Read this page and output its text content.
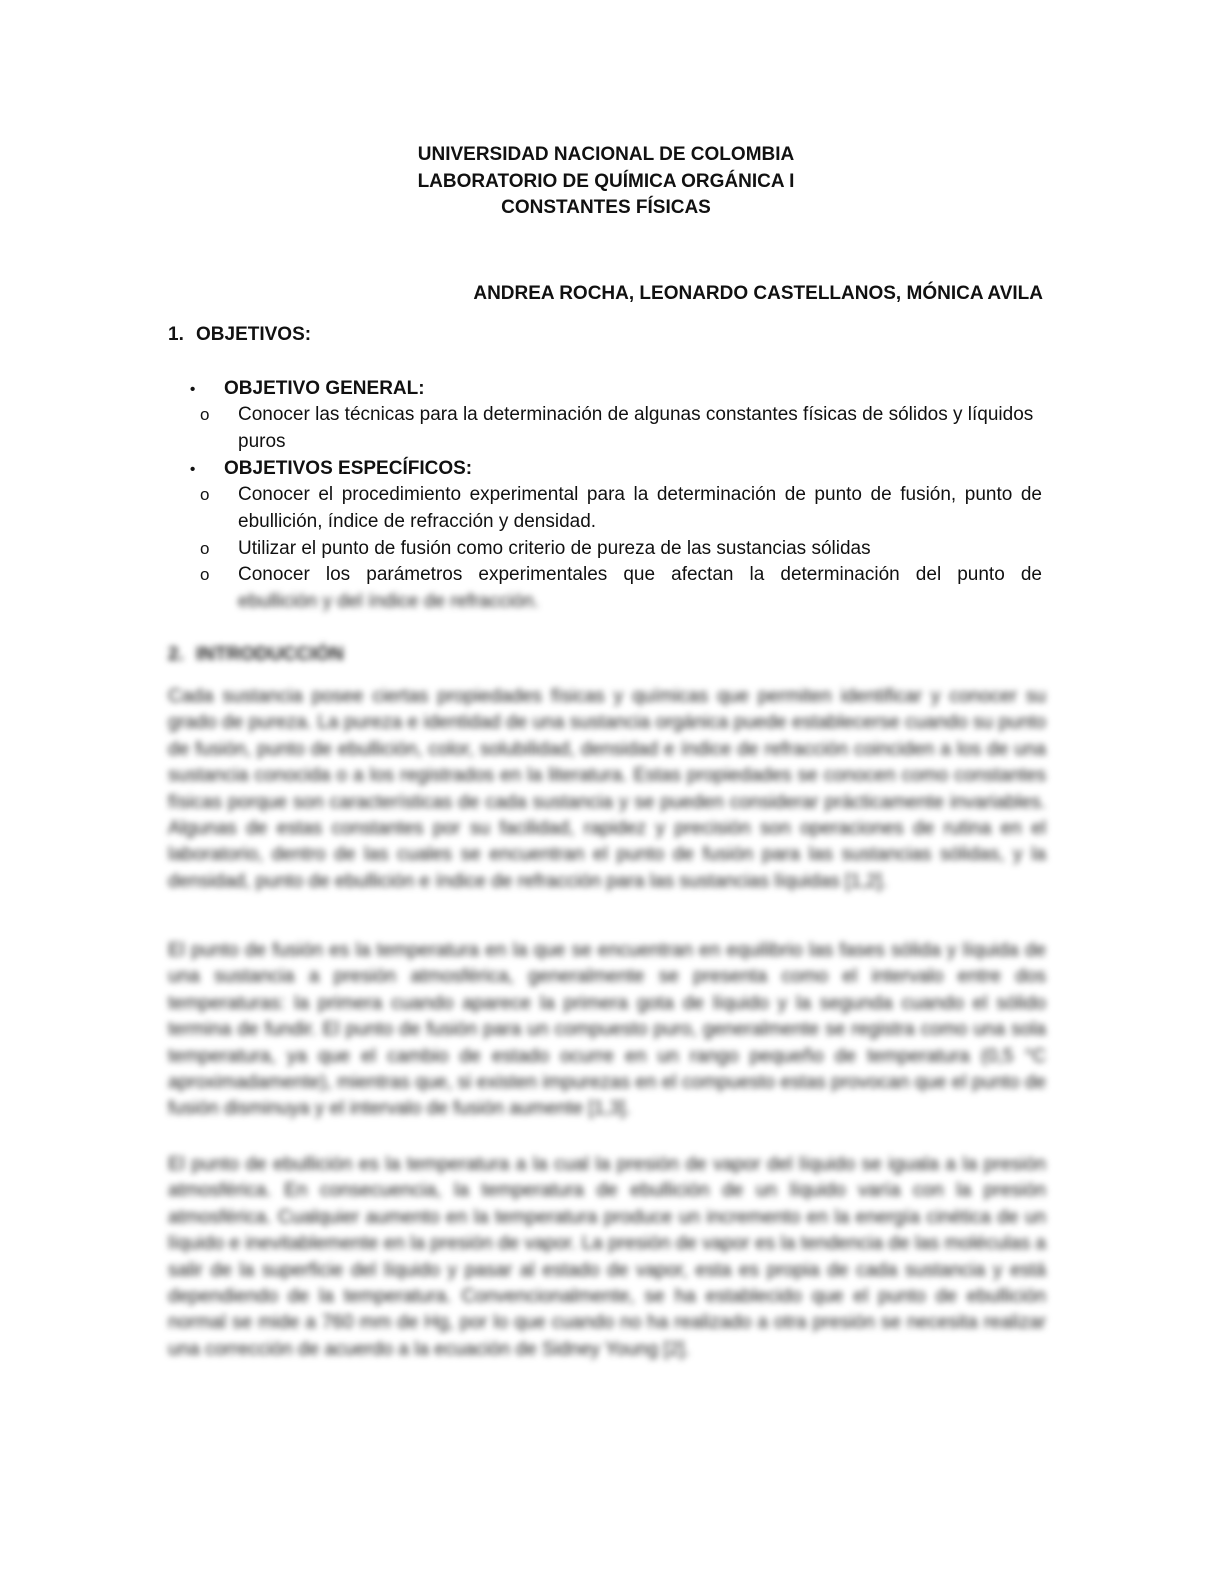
UNIVERSIDAD NACIONAL DE COLOMBIA
LABORATORIO DE QUÍMICA ORGÁNICA I
CONSTANTES FÍSICAS
ANDREA ROCHA, LEONARDO CASTELLANOS, MÓNICA AVILA
1. OBJETIVOS:
• OBJETIVO GENERAL:
o	Conocer las técnicas para la determinación de algunas constantes físicas de sólidos y líquidos puros
• OBJETIVOS ESPECÍFICOS:
o	Conocer el procedimiento experimental para la determinación de punto de fusión, punto de ebullición, índice de refracción y densidad.
o	Utilizar el punto de fusión como criterio de pureza de las sustancias sólidas
o	Conocer los parámetros experimentales que afectan la determinación del punto de
ebullición y del índice de refracción.
2. INTRODUCCIÓN
Cada sustancia posee ciertas propiedades físicas y químicas que permiten identificar y conocer su grado de pureza. La pureza e identidad de una sustancia orgánica puede establecerse cuando su punto de fusión, punto de ebullición, color, solubilidad, densidad e índice de refracción coinciden a los de una sustancia conocida o a los registrados en la literatura. Estas propiedades se conocen como constantes físicas porque son características de cada sustancia y se pueden considerar prácticamente invariables. Algunas de estas constantes por su facilidad, rapidez y precisión son operaciones de rutina en el laboratorio, dentro de las cuales se encuentran el punto de fusión para las sustancias sólidas, y la densidad, punto de ebullición e índice de refracción para las sustancias líquidas [1,2].
El punto de fusión es la temperatura en la que se encuentran en equilibrio las fases sólida y líquida de una sustancia a presión atmosférica, generalmente se presenta como el intervalo entre dos temperaturas: la primera cuando aparece la primera gota de líquido y la segunda cuando el sólido termina de fundir. El punto de fusión para un compuesto puro, generalmente se registra como una sola temperatura, ya que el cambio de estado ocurre en un rango pequeño de temperatura (0,5 °C aproximadamente), mientras que, si existen impurezas en el compuesto estas provocan que el punto de fusión disminuya y el intervalo de fusión aumente [1,3].
El punto de ebullición es la temperatura a la cual la presión de vapor del líquido se iguala a la presión atmosférica. En consecuencia, la temperatura de ebullición de un líquido varía con la presión atmosférica. Cualquier aumento en la temperatura produce un incremento en la energía cinética de un líquido e inevitablemente en la presión de vapor. La presión de vapor es la tendencia de las moléculas a salir de la superficie del líquido y pasar al estado de vapor, esta es propia de cada sustancia y está dependiendo de la temperatura. Convencionalmente, se ha establecido que el punto de ebullición normal se mide a 760 mm de Hg, por lo que cuando no ha realizado a otra presión se necesita realizar una corrección de acuerdo a la ecuación de Sidney Young [2].
